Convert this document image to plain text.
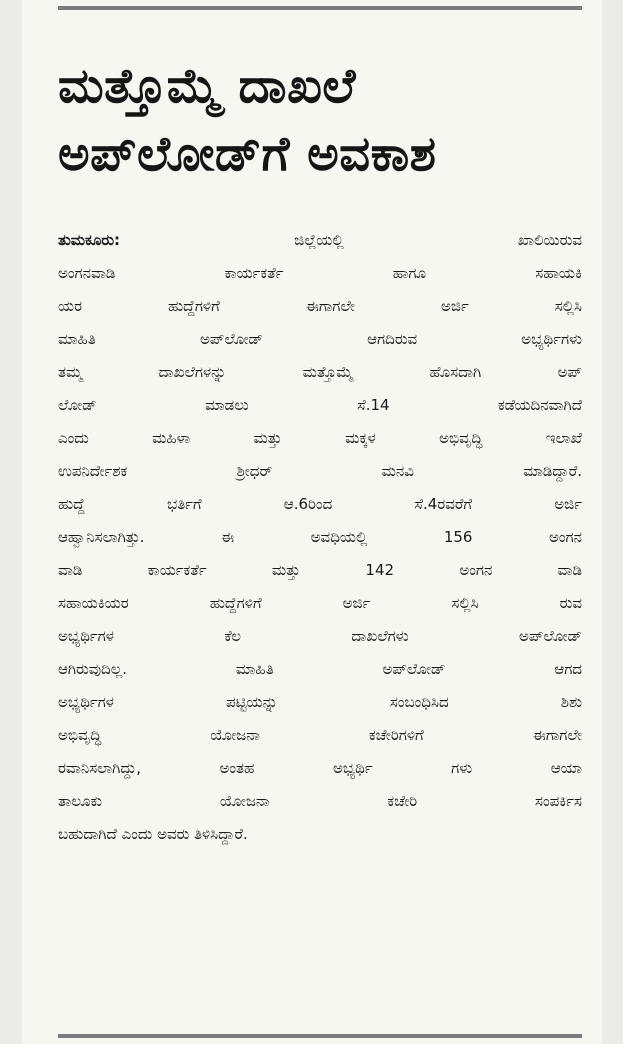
ಮತ್ತೊಮ್ಮೆ ದಾಖಲೆ
ಅಪ್‌ಲೋಡ್‌ಗೆ ಅವಕಾಶ
ತುಮಕೂರು:	ಜಿಲ್ಲೆಯಲ್ಲಿ ಖಾಲಿಯಿರುವ
ಅಂಗನವಾಡಿ ಕಾರ್ಯಕರ್ತೆ ಹಾಗೂ ಸಹಾಯಕಿ
ಯರ ಹುದ್ದೆಗಳಿಗೆ ಈಗಾಗಲೇ ಅರ್ಜಿ ಸಲ್ಲಿಸಿ
ಮಾಹಿತಿ ಅಪ್‌ಲೋಡ್ ಆಗದಿರುವ ಅಭ್ಯರ್ಥಿಗಳು
ತಮ್ಮ ದಾಖಲೆಗಳನ್ನು ಮತ್ತೊಮ್ಮೆ ಹೊಸದಾಗಿ ಅಪ್
ಲೋಡ್ ಮಾಡಲು ಸೆ.14 ಕಡೆಯದಿನವಾಗಿದೆ
ಎಂದು ಮಹಿಳಾ ಮತ್ತು ಮಕ್ಕಳ ಅಭಿವೃದ್ಧಿ ಇಲಾಖೆ
ಉಪನಿರ್ದೇಶಕ ಶ್ರೀಧರ್ ಮನವಿ ಮಾಡಿದ್ದಾರೆ.
ಹುದ್ದೆ ಭರ್ತಿಗೆ ಆ.6ರಿಂದ ಸೆ.4ರವರೆಗೆ ಅರ್ಜಿ
ಆಹ್ವಾನಿಸಲಾಗಿತ್ತು. ಈ ಅವಧಿಯಲ್ಲಿ 156 ಅಂಗನ
ವಾಡಿ ಕಾರ್ಯಕರ್ತೆ ಮತ್ತು 142 ಅಂಗನ ವಾಡಿ
ಸಹಾಯಕಿಯರ ಹುದ್ದೆಗಳಿಗೆ ಅರ್ಜಿ ಸಲ್ಲಿಸಿ ರುವ
ಅಭ್ಯರ್ಥಿಗಳ ಕೆಲ ದಾಖಲೆಗಳು ಅಪ್‌ಲೋಡ್
ಆಗಿರುವುದಿಲ್ಲ. ಮಾಹಿತಿ ಅಪ್‌ಲೋಡ್ ಆಗದ
ಅಭ್ಯರ್ಥಿಗಳ ಪಟ್ಟಿಯನ್ನು ಸಂಬಂಧಿಸಿದ ಶಿಶು
ಅಭಿವೃದ್ಧಿ ಯೋಜನಾ ಕಚೇರಿಗಳಿಗೆ ಈಗಾಗಲೇ
ರವಾನಿಸಲಾಗಿದ್ದು, ಅಂತಹ ಅಭ್ಯರ್ಥಿ ಗಳು ಆಯಾ
ತಾಲೂಕು ಯೋಜನಾ ಕಚೇರಿ ಸಂಪರ್ಕಿಸ
ಬಹುದಾಗಿದೆ ಎಂದು ಅವರು ತಿಳಿಸಿದ್ದಾರೆ.
